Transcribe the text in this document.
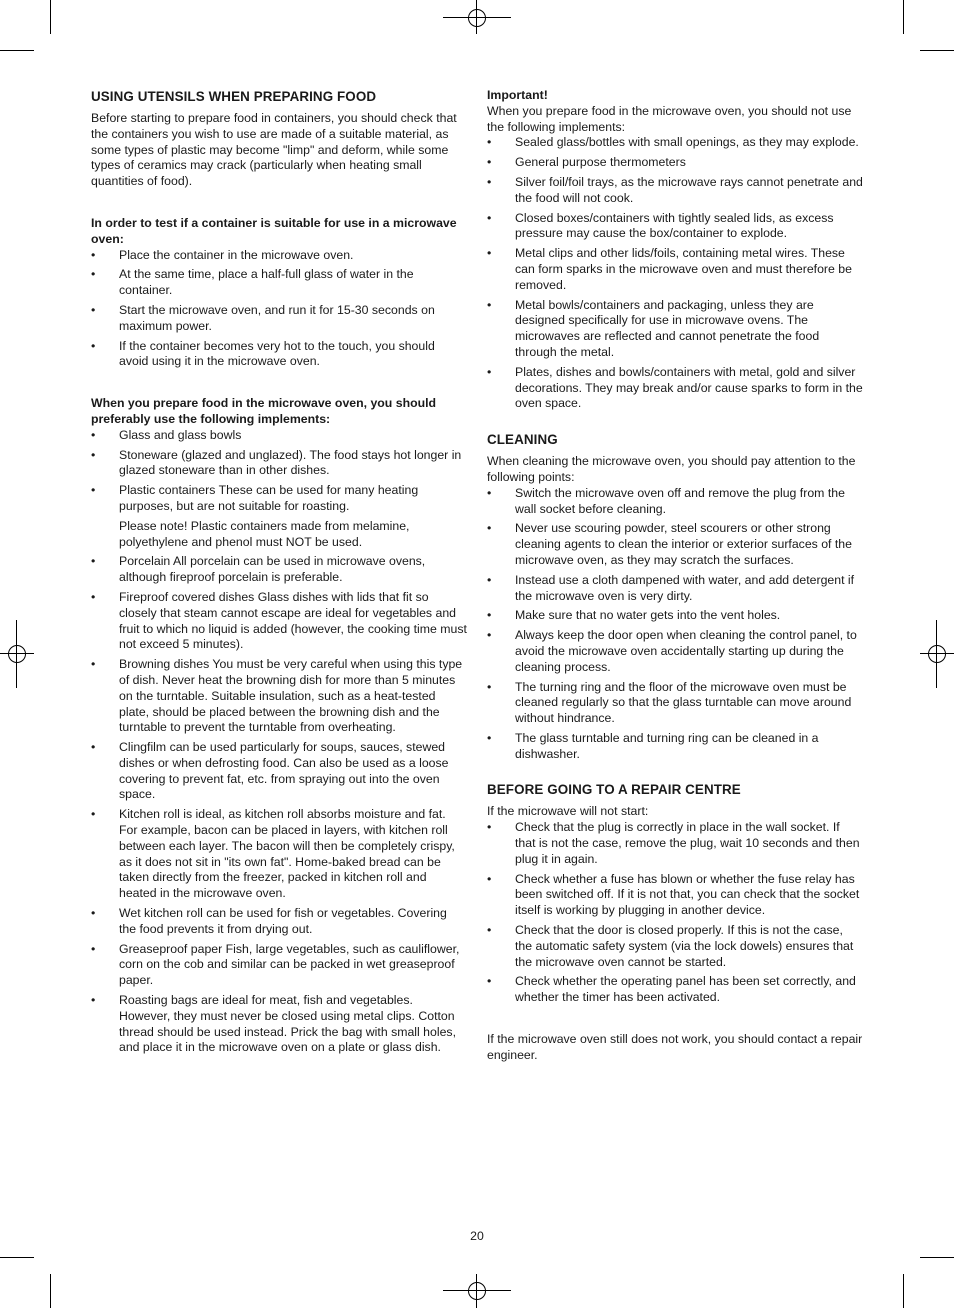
USING UTENSILS WHEN PREPARING FOOD

Before starting to prepare food in containers, you should check that the containers you wish to use are made of a suitable material, as some types of plastic may become "limp" and deform, while some types of ceramics may crack (particularly when heating small quantities of food).

In order to test if a container is suitable for use in a microwave oven:

• Place the container in the microwave oven.
• At the same time, place a half-full glass of water in the container.
• Start the microwave oven, and run it for 15-30 seconds on maximum power.
• If the container becomes very hot to the touch, you should avoid using it in the microwave oven.

When you prepare food in the microwave oven, you should preferably use the following implements:

• Glass and glass bowls
• Stoneware (glazed and unglazed). The food stays hot longer in glazed stoneware than in other dishes.
• Plastic containers These can be used for many heating purposes, but are not suitable for roasting.
Please note! Plastic containers made from melamine, polyethylene and phenol must NOT be used.
• Porcelain All porcelain can be used in microwave ovens, although fireproof porcelain is preferable.
• Fireproof covered dishes Glass dishes with lids that fit so closely that steam cannot escape are ideal for vegetables and fruit to which no liquid is added (however, the cooking time must not exceed 5 minutes).
• Browning dishes You must be very careful when using this type of dish. Never heat the browning dish for more than 5 minutes on the turntable. Suitable insulation, such as a heat-tested plate, should be placed between the browning dish and the turntable to prevent the turntable from overheating.
• Clingfilm can be used particularly for soups, sauces, stewed dishes or when defrosting food. Can also be used as a loose covering to prevent fat, etc. from spraying out into the oven space.
• Kitchen roll is ideal, as kitchen roll absorbs moisture and fat. For example, bacon can be placed in layers, with kitchen roll between each layer. The bacon will then be completely crispy, as it does not sit in "its own fat". Home-baked bread can be taken directly from the freezer, packed in kitchen roll and heated in the microwave oven.
• Wet kitchen roll can be used for fish or vegetables. Covering the food prevents it from drying out.
• Greaseproof paper Fish, large vegetables, such as cauliflower, corn on the cob and similar can be packed in wet greaseproof paper.
• Roasting bags are ideal for meat, fish and vegetables. However, they must never be closed using metal clips. Cotton thread should be used instead. Prick the bag with small holes, and place it in the microwave oven on a plate or glass dish.

Important!

When you prepare food in the microwave oven, you should not use the following implements:

• Sealed glass/bottles with small openings, as they may explode.
• General purpose thermometers
• Silver foil/foil trays, as the microwave rays cannot penetrate and the food will not cook.
• Closed boxes/containers with tightly sealed lids, as excess pressure may cause the box/container to explode.
• Metal clips and other lids/foils, containing metal wires. These can form sparks in the microwave oven and must therefore be removed.
• Metal bowls/containers and packaging, unless they are designed specifically for use in microwave ovens. The microwaves are reflected and cannot penetrate the food through the metal.
• Plates, dishes and bowls/containers with metal, gold and silver decorations. They may break and/or cause sparks to form in the oven space.
CLEANING

When cleaning the microwave oven, you should pay attention to the following points:

• Switch the microwave oven off and remove the plug from the wall socket before cleaning.
• Never use scouring powder, steel scourers or other strong cleaning agents to clean the interior or exterior surfaces of the microwave oven, as they may scratch the surfaces.
• Instead use a cloth dampened with water, and add detergent if the microwave oven is very dirty.
• Make sure that no water gets into the vent holes.
• Always keep the door open when cleaning the control panel, to avoid the microwave oven accidentally starting up during the cleaning process.
• The turning ring and the floor of the microwave oven must be cleaned regularly so that the glass turntable can move around without hindrance.
• The glass turntable and turning ring can be cleaned in a dishwasher.
BEFORE GOING TO A REPAIR CENTRE

If the microwave will not start:

• Check that the plug is correctly in place in the wall socket. If that is not the case, remove the plug, wait 10 seconds and then plug it in again.
• Check whether a fuse has blown or whether the fuse relay has been switched off. If it is not that, you can check that the socket itself is working by plugging in another device.
• Check that the door is closed properly. If this is not the case, the automatic safety system (via the lock dowels) ensures that the microwave oven cannot be started.
• Check whether the operating panel has been set correctly, and whether the timer has been activated.

If the microwave oven still does not work, you should contact a repair engineer.

20
